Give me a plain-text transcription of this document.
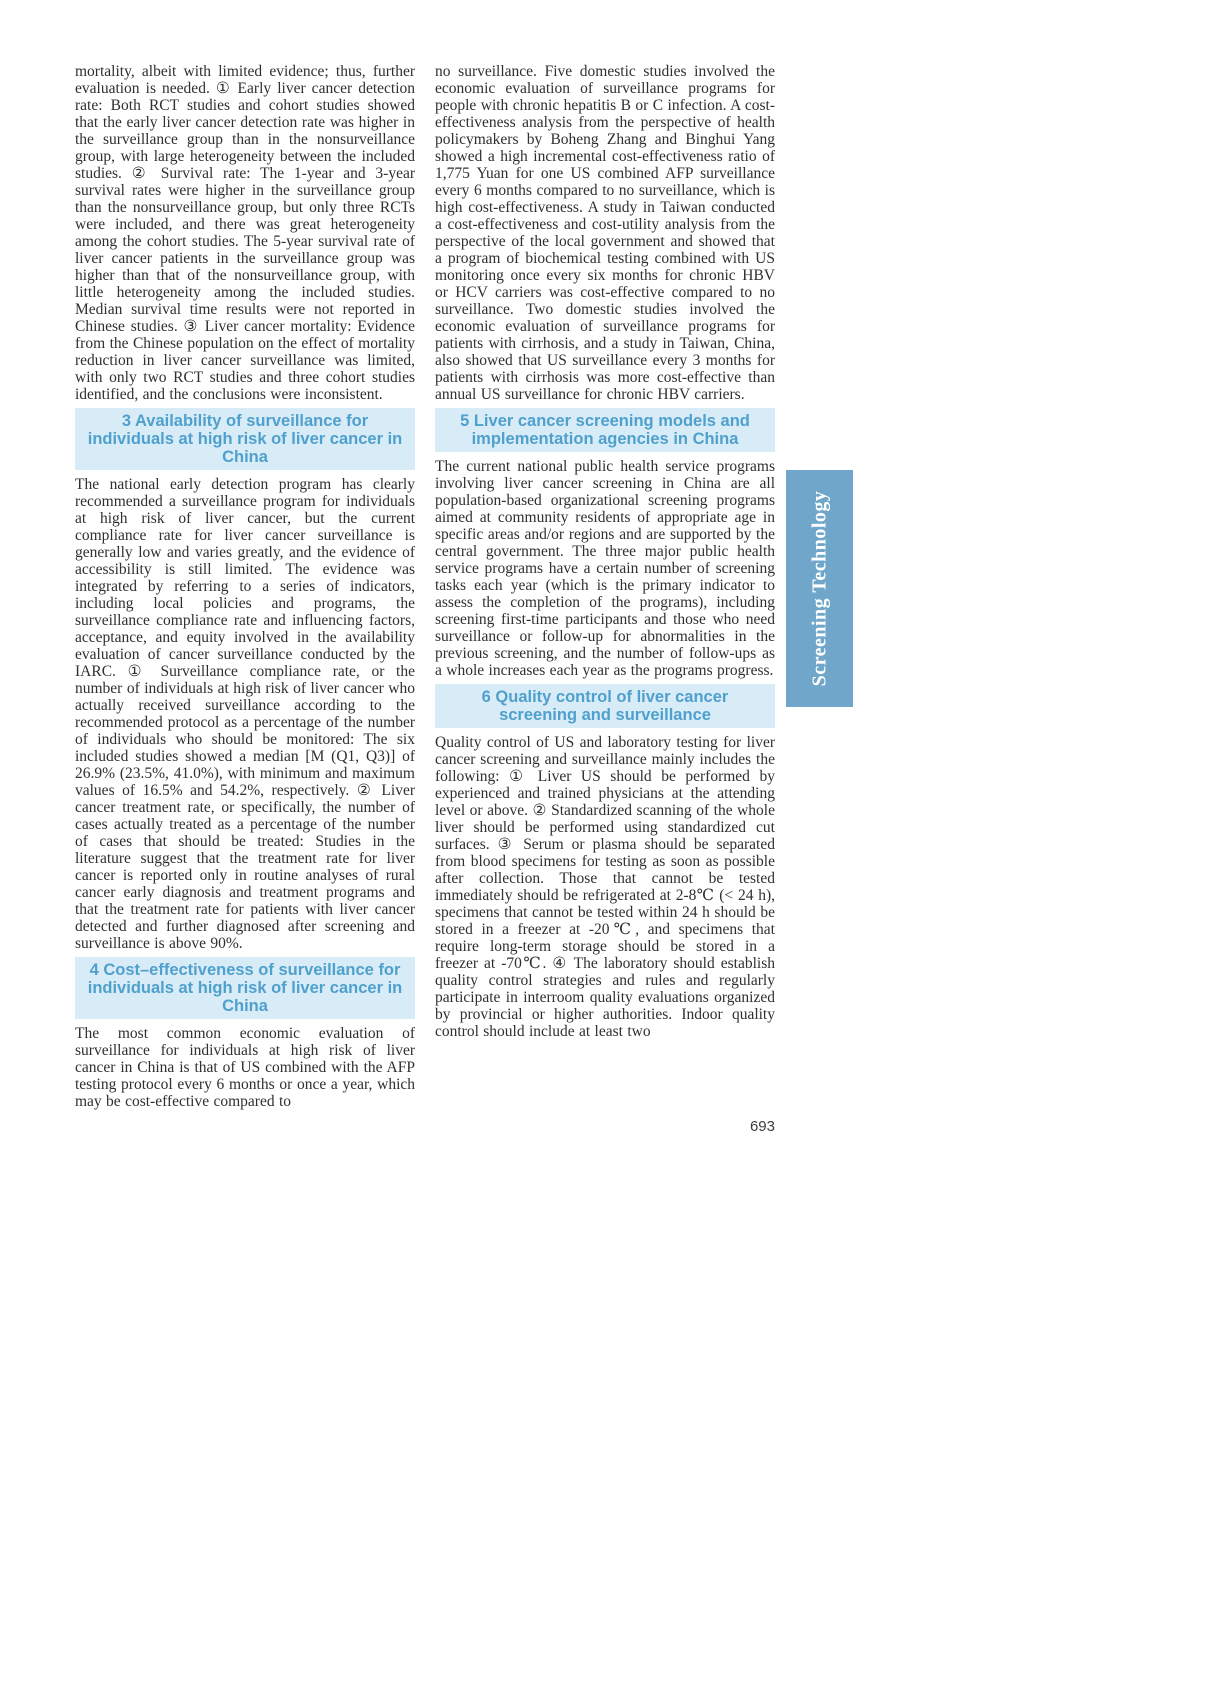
mortality, albeit with limited evidence; thus, further evaluation is needed. ① Early liver cancer detection rate: Both RCT studies and cohort studies showed that the early liver cancer detection rate was higher in the surveillance group than in the nonsurveillance group, with large heterogeneity between the included studies. ② Survival rate: The 1-year and 3-year survival rates were higher in the surveillance group than the nonsurveillance group, but only three RCTs were included, and there was great heterogeneity among the cohort studies. The 5-year survival rate of liver cancer patients in the surveillance group was higher than that of the nonsurveillance group, with little heterogeneity among the included studies. Median survival time results were not reported in Chinese studies. ③ Liver cancer mortality: Evidence from the Chinese population on the effect of mortality reduction in liver cancer surveillance was limited, with only two RCT studies and three cohort studies identified, and the conclusions were inconsistent.

3 Availability of surveillance for individuals at high risk of liver cancer in China

The national early detection program has clearly recommended a surveillance program for individuals at high risk of liver cancer, but the current compliance rate for liver cancer surveillance is generally low and varies greatly, and the evidence of accessibility is still limited. The evidence was integrated by referring to a series of indicators, including local policies and programs, the surveillance compliance rate and influencing factors, acceptance, and equity involved in the availability evaluation of cancer surveillance conducted by the IARC. ① Surveillance compliance rate, or the number of individuals at high risk of liver cancer who actually received surveillance according to the recommended protocol as a percentage of the number of individuals who should be monitored: The six included studies showed a median [M (Q1, Q3)] of 26.9% (23.5%, 41.0%), with minimum and maximum values of 16.5% and 54.2%, respectively. ② Liver cancer treatment rate, or specifically, the number of cases actually treated as a percentage of the number of cases that should be treated: Studies in the literature suggest that the treatment rate for liver cancer is reported only in routine analyses of rural cancer early diagnosis and treatment programs and that the treatment rate for patients with liver cancer detected and further diagnosed after screening and surveillance is above 90%.

4 Cost–effectiveness of surveillance for individuals at high risk of liver cancer in China

The most common economic evaluation of surveillance for individuals at high risk of liver cancer in China is that of US combined with the AFP testing protocol every 6 months or once a year, which may be cost-effective compared to

no surveillance. Five domestic studies involved the economic evaluation of surveillance programs for people with chronic hepatitis B or C infection. A cost-effectiveness analysis from the perspective of health policymakers by Boheng Zhang and Binghui Yang showed a high incremental cost-effectiveness ratio of 1,775 Yuan for one US combined AFP surveillance every 6 months compared to no surveillance, which is high cost-effectiveness. A study in Taiwan conducted a cost-effectiveness and cost-utility analysis from the perspective of the local government and showed that a program of biochemical testing combined with US monitoring once every six months for chronic HBV or HCV carriers was cost-effective compared to no surveillance. Two domestic studies involved the economic evaluation of surveillance programs for patients with cirrhosis, and a study in Taiwan, China, also showed that US surveillance every 3 months for patients with cirrhosis was more cost-effective than annual US surveillance for chronic HBV carriers.

5 Liver cancer screening models and implementation agencies in China

The current national public health service programs involving liver cancer screening in China are all population-based organizational screening programs aimed at community residents of appropriate age in specific areas and/or regions and are supported by the central government. The three major public health service programs have a certain number of screening tasks each year (which is the primary indicator to assess the completion of the programs), including screening first-time participants and those who need surveillance or follow-up for abnormalities in the previous screening, and the number of follow-ups as a whole increases each year as the programs progress.

6 Quality control of liver cancer screening and surveillance

Quality control of US and laboratory testing for liver cancer screening and surveillance mainly includes the following: ① Liver US should be performed by experienced and trained physicians at the attending level or above. ② Standardized scanning of the whole liver should be performed using standardized cut surfaces. ③ Serum or plasma should be separated from blood specimens for testing as soon as possible after collection. Those that cannot be tested immediately should be refrigerated at 2-8℃ (< 24 h), specimens that cannot be tested within 24 h should be stored in a freezer at -20℃, and specimens that require long-term storage should be stored in a freezer at -70℃. ④ The laboratory should establish quality control strategies and rules and regularly participate in interroom quality evaluations organized by provincial or higher authorities. Indoor quality control should include at least two

Screening Technology
693
